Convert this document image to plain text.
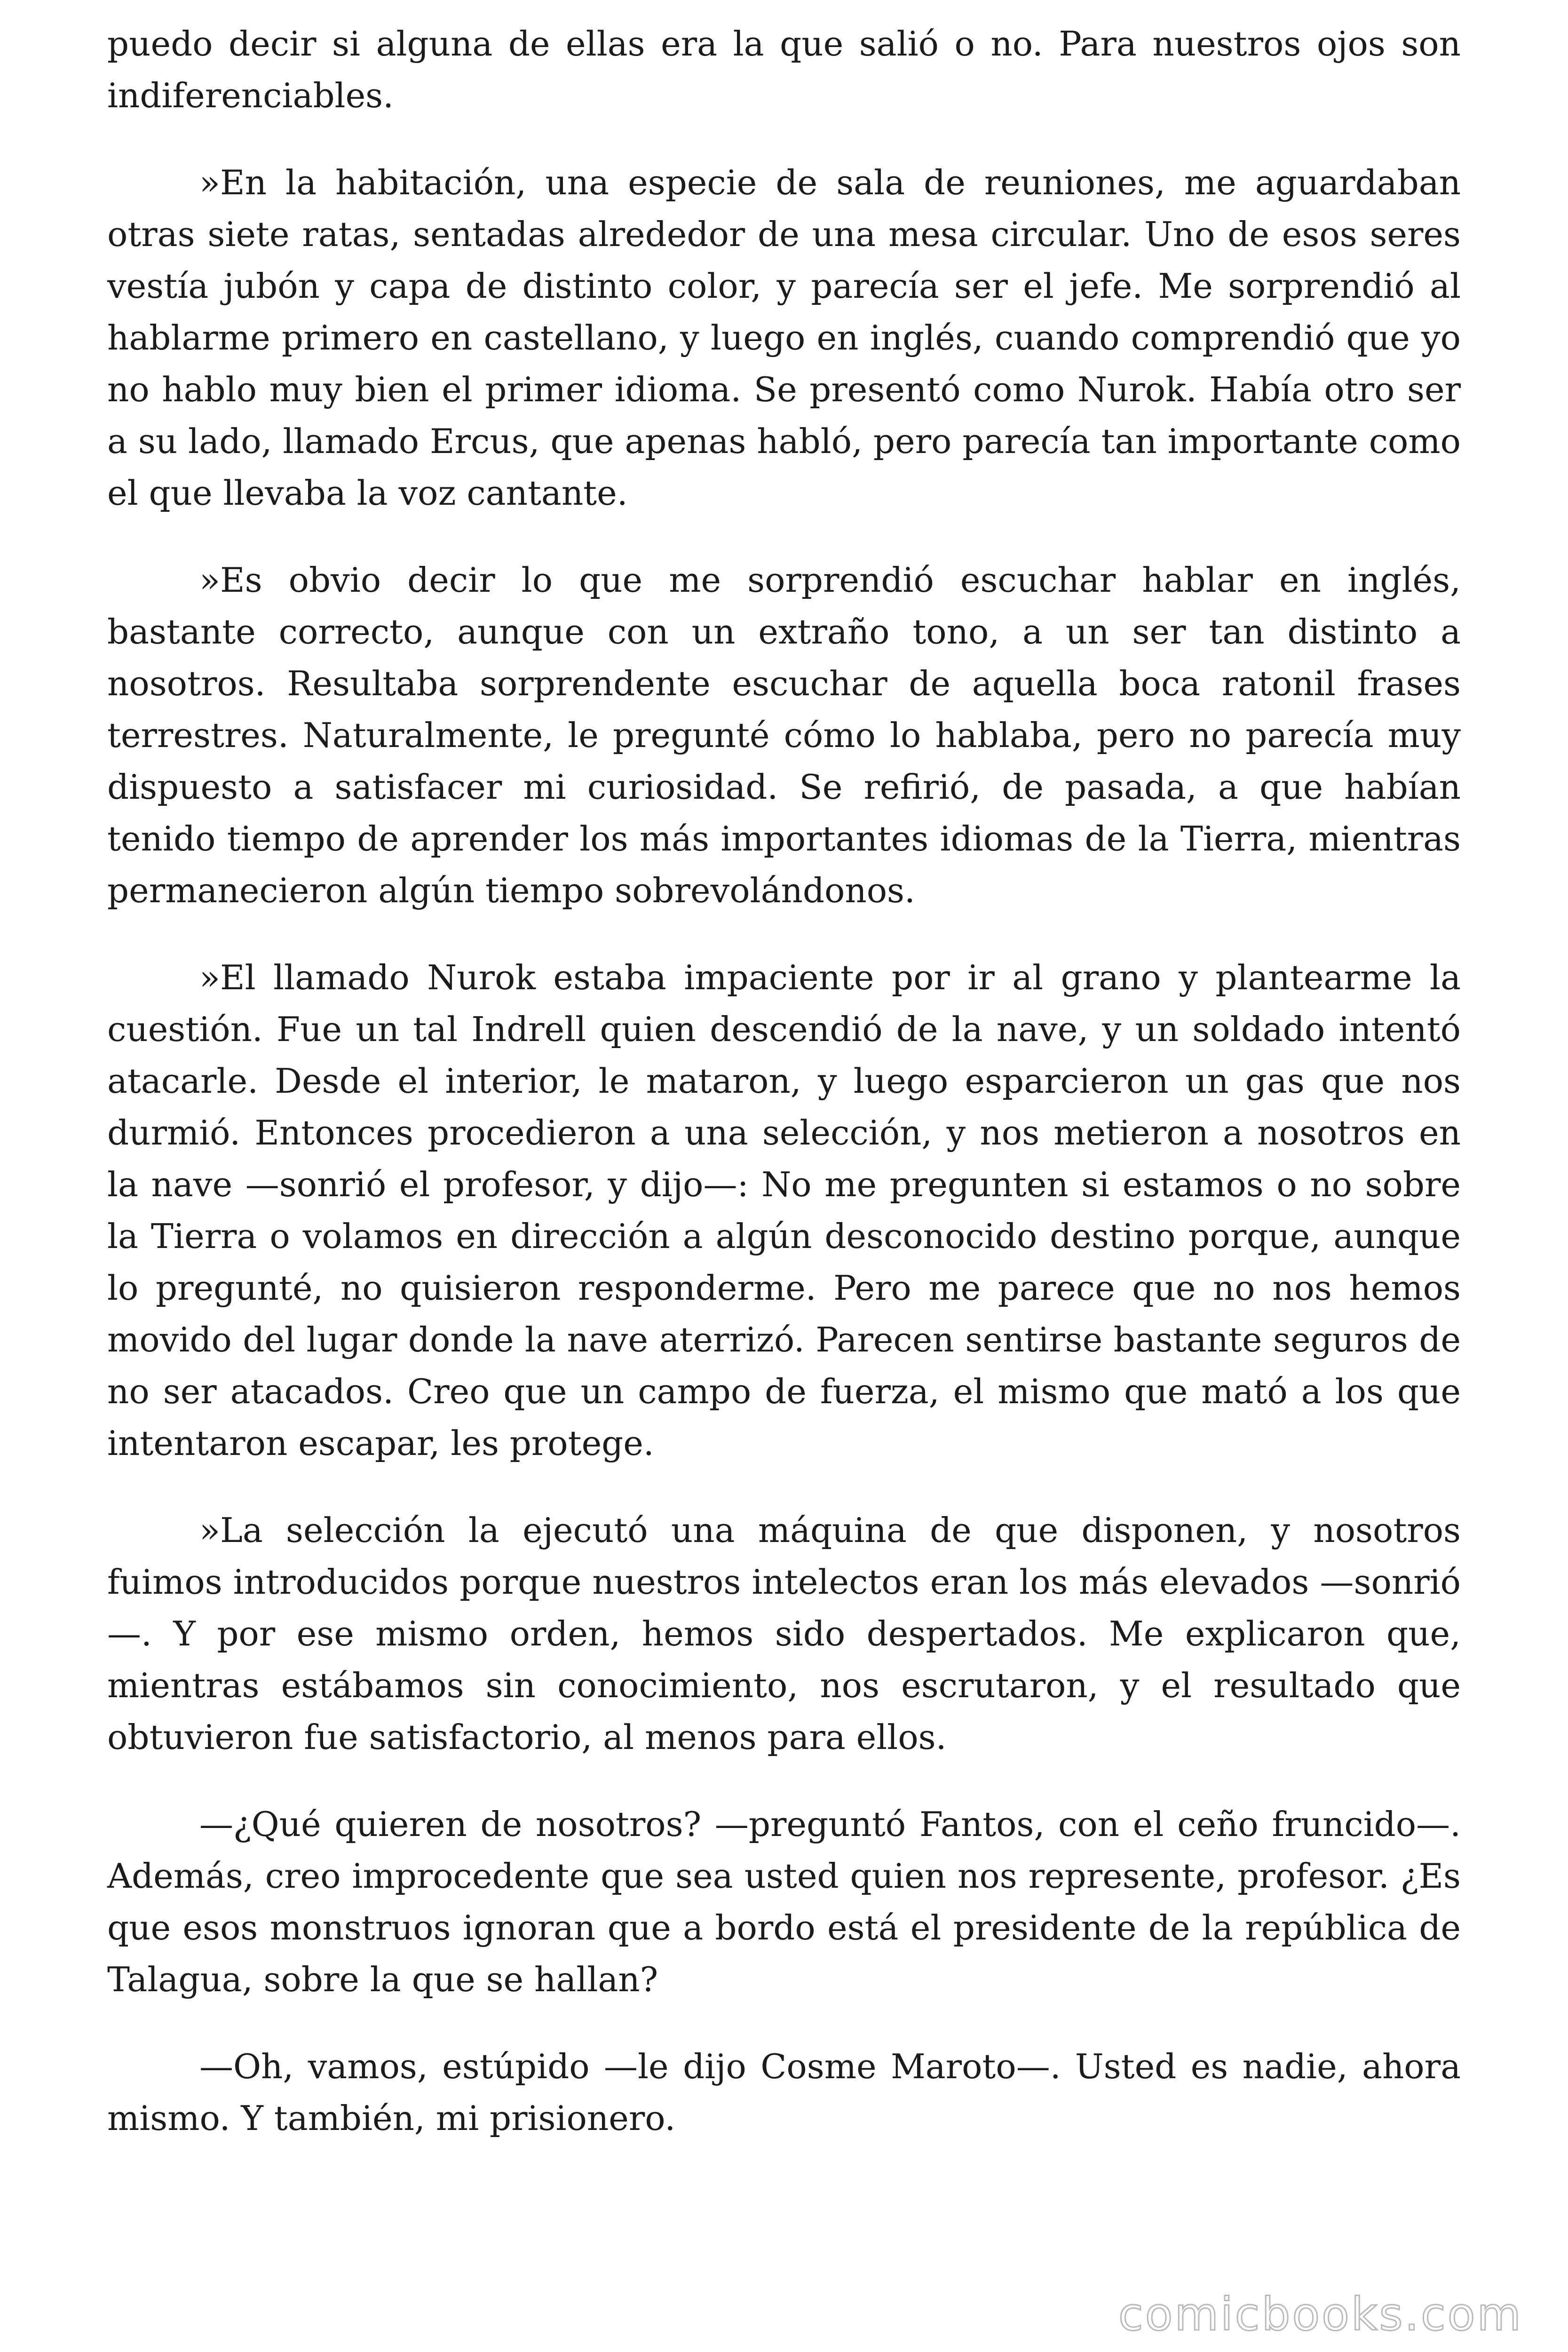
puedo decir si alguna de ellas era la que salió o no. Para nuestros ojos son indiferenciables.

»En la habitación, una especie de sala de reuniones, me aguardaban otras siete ratas, sentadas alrededor de una mesa circular. Uno de esos seres vestía jubón y capa de distinto color, y parecía ser el jefe. Me sorprendió al hablarme primero en castellano, y luego en inglés, cuando comprendió que yo no hablo muy bien el primer idioma. Se presentó como Nurok. Había otro ser a su lado, llamado Ercus, que apenas habló, pero parecía tan importante como el que llevaba la voz cantante.

»Es obvio decir lo que me sorprendió escuchar hablar en inglés, bastante correcto, aunque con un extraño tono, a un ser tan distinto a nosotros. Resultaba sorprendente escuchar de aquella boca ratonil frases terrestres. Naturalmente, le pregunté cómo lo hablaba, pero no parecía muy dispuesto a satisfacer mi curiosidad. Se refirió, de pasada, a que habían tenido tiempo de aprender los más importantes idiomas de la Tierra, mientras permanecieron algún tiempo sobrevolándonos.

»El llamado Nurok estaba impaciente por ir al grano y plantearme la cuestión. Fue un tal Indrell quien descendió de la nave, y un soldado intentó atacarle. Desde el interior, le mataron, y luego esparcieron un gas que nos durmió. Entonces procedieron a una selección, y nos metieron a nosotros en la nave —sonrió el profesor, y dijo—: No me pregunten si estamos o no sobre la Tierra o volamos en dirección a algún desconocido destino porque, aunque lo pregunté, no quisieron responderme. Pero me parece que no nos hemos movido del lugar donde la nave aterrizó. Parecen sentirse bastante seguros de no ser atacados. Creo que un campo de fuerza, el mismo que mató a los que intentaron escapar, les protege.

»La selección la ejecutó una máquina de que disponen, y nosotros fuimos introducidos porque nuestros intelectos eran los más elevados —sonrió—. Y por ese mismo orden, hemos sido despertados. Me explicaron que, mientras estábamos sin conocimiento, nos escrutaron, y el resultado que obtuvieron fue satisfactorio, al menos para ellos.

—¿Qué quieren de nosotros? —preguntó Fantos, con el ceño fruncido—. Además, creo improcedente que sea usted quien nos represente, profesor. ¿Es que esos monstruos ignoran que a bordo está el presidente de la república de Talagua, sobre la que se hallan?

—Oh, vamos, estúpido —le dijo Cosme Maroto—. Usted es nadie, ahora mismo. Y también, mi prisionero.

comicbooks.com
